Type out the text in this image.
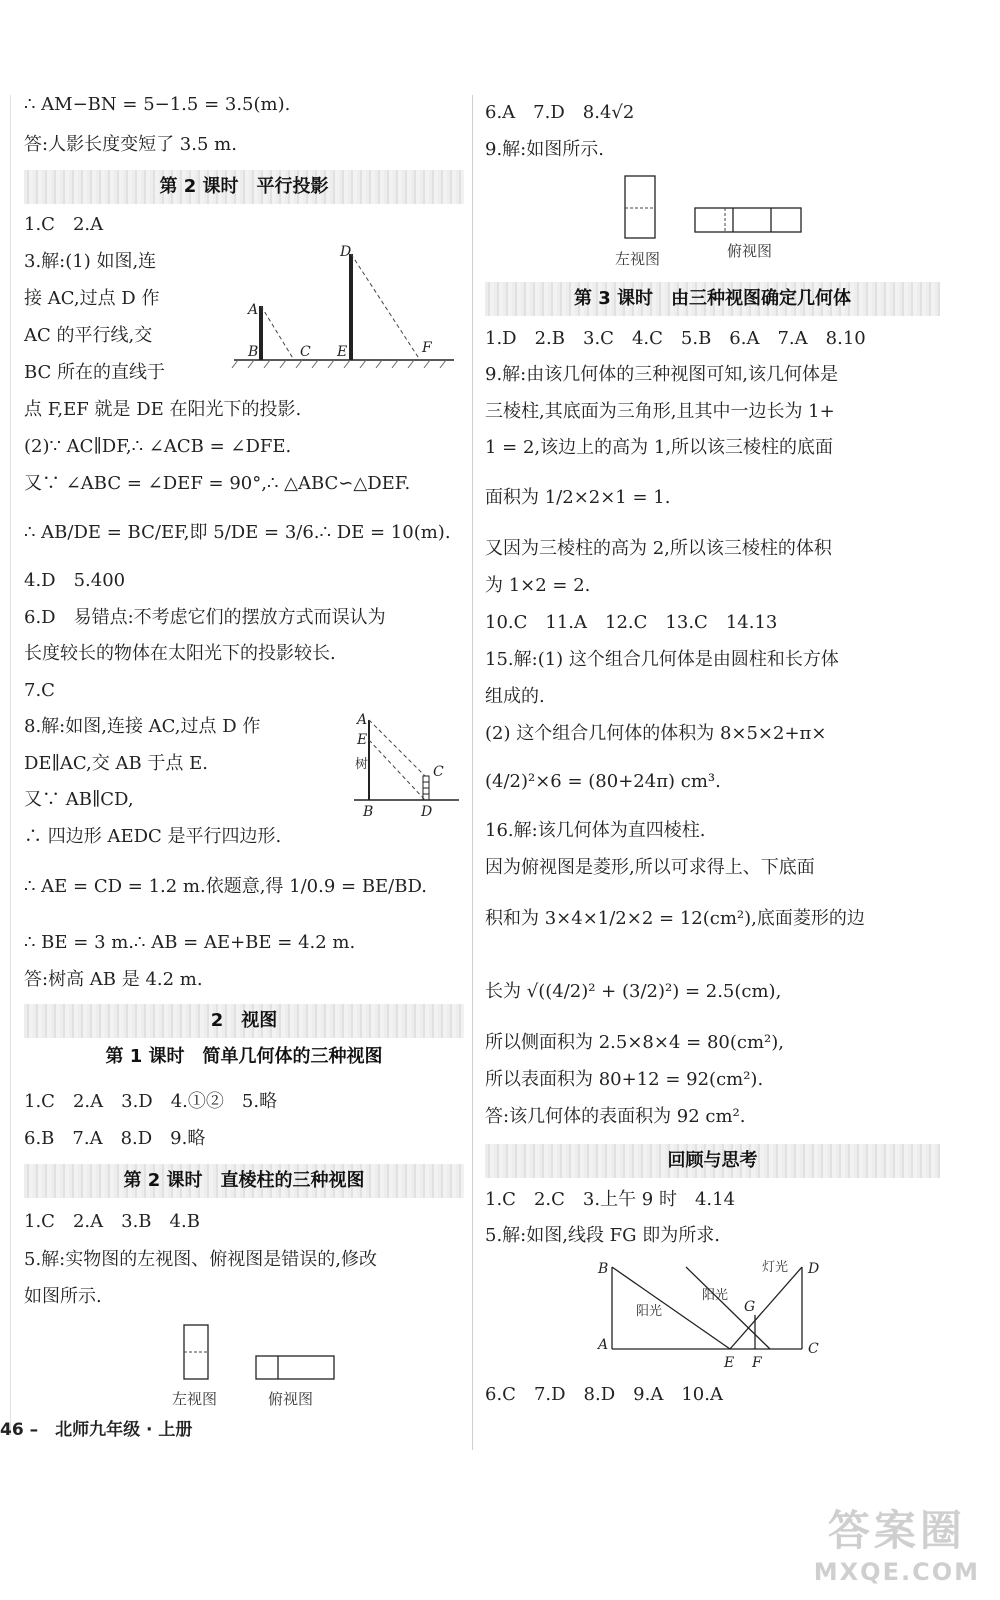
∴ AM−BN = 5−1.5 = 3.5(m).
答:人影长度变短了 3.5 m.
第 2 课时　平行投影
1.C　2.A
3.解:(1) 如图,连
接 AC,过点 D 作
AC 的平行线,交
BC 所在的直线于
点 F,EF 就是 DE 在阳光下的投影.
(2)∵ AC∥DF,∴ ∠ACB = ∠DFE.
又∵ ∠ABC = ∠DEF = 90°,∴ △ABC∽△DEF.
∴ AB/DE = BC/EF,即 5/DE = 3/6.∴ DE = 10(m).
4.D　5.400
6.D　易错点:不考虑它们的摆放方式而误认为
长度较长的物体在太阳光下的投影较长.
7.C
8.解:如图,连接 AC,过点 D 作
DE∥AC,交 AB 于点 E.
又∵ AB∥CD,
∴ 四边形 AEDC 是平行四边形.
∴ AE = CD = 1.2 m.依题意,得 1/0.9 = BE/BD.
∴ BE = 3 m.∴ AB = AE+BE = 4.2 m.
答:树高 AB 是 4.2 m.
2　视图
第 1 课时　简单几何体的三种视图
1.C　2.A　3.D　4.①②　5.略
6.B　7.A　8.D　9.略
第 2 课时　直棱柱的三种视图
1.C　2.A　3.B　4.B
5.解:实物图的左视图、俯视图是错误的,修改
如图所示.
D
A
B	C E	F
A
E
树	C
B	D
左视图	俯视图
6.A　7.D　8.4√2
9.解:如图所示.
左视图	俯视图
第 3 课时　由三种视图确定几何体
1.D　2.B　3.C　4.C　5.B　6.A　7.A　8.10
9.解:由该几何体的三种视图可知,该几何体是
三棱柱,其底面为三角形,且其中一边长为 1+
1 = 2,该边上的高为 1,所以该三棱柱的底面
面积为 1/2×2×1 = 1.
又因为三棱柱的高为 2,所以该三棱柱的体积
为 1×2 = 2.
10.C　11.A　12.C　13.C　14.13
15.解:(1) 这个组合几何体是由圆柱和长方体
组成的.
(2) 这个组合几何体的体积为 8×5×2+π×
(4/2)²×6 = (80+24π) cm³.
16.解:该几何体为直四棱柱.
因为俯视图是菱形,所以可求得上、下底面
积和为 3×4×1/2×2 = 12(cm²),底面菱形的边
长为 √((4/2)² + (3/2)²) = 2.5(cm),
所以侧面积为 2.5×8×4 = 80(cm²),
所以表面积为 80+12 = 92(cm²).
答:该几何体的表面积为 92 cm².
回顾与思考
1.C　2.C　3.上午 9 时　4.14
5.解:如图,线段 FG 即为所求.
B
A
阳光
阳光
灯光
G
D
E F
C
6.C　7.D　8.D　9.A　10.A
46 –　北师九年级 · 上册
答案圈
MXQE.COM
